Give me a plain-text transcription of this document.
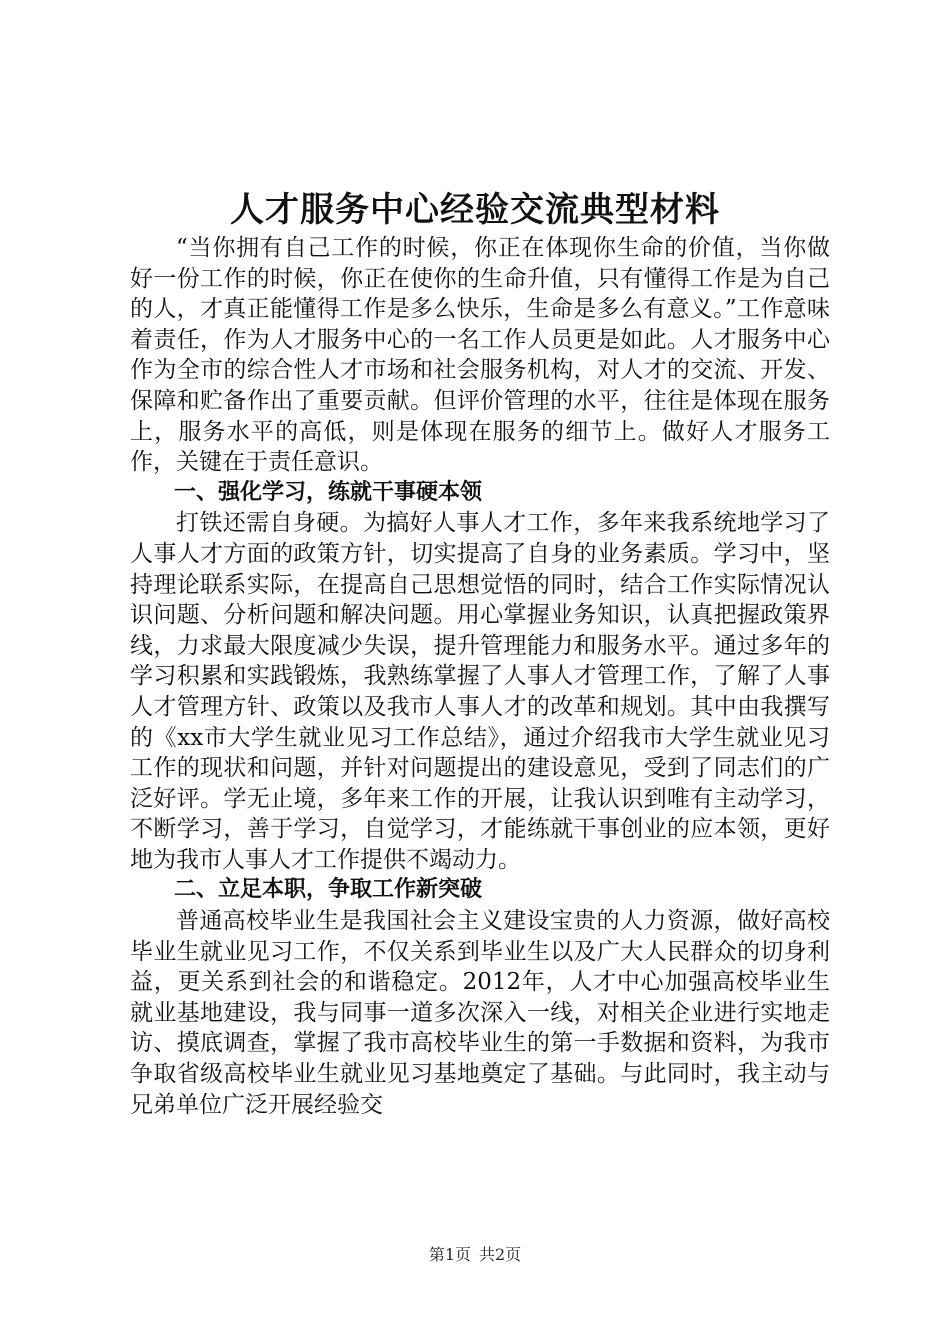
人才服务中心经验交流典型材料

“当你拥有自己工作的时候，你正在体现你生命的价值，当你做好一份工作的时候，你正在使你的生命升值，只有懂得工作是为自己的人，才真正能懂得工作是多么快乐，生命是多么有意义。”工作意味着责任，作为人才服务中心的一名工作人员更是如此。人才服务中心作为全市的综合性人才市场和社会服务机构，对人才的交流、开发、保障和贮备作出了重要贡献。但评价管理的水平，往往是体现在服务上，服务水平的高低，则是体现在服务的细节上。做好人才服务工作，关键在于责任意识。

一、强化学习，练就干事硬本领

打铁还需自身硬。为搞好人事人才工作，多年来我系统地学习了人事人才方面的政策方针，切实提高了自身的业务素质。学习中，坚持理论联系实际，在提高自己思想觉悟的同时，结合工作实际情况认识问题、分析问题和解决问题。用心掌握业务知识，认真把握政策界线，力求最大限度减少失误，提升管理能力和服务水平。通过多年的学习积累和实践锻炼，我熟练掌握了人事人才管理工作，了解了人事人才管理方针、政策以及我市人事人才的改革和规划。其中由我撰写的《xx市大学生就业见习工作总结》，通过介绍我市大学生就业见习工作的现状和问题，并针对问题提出的建设意见，受到了同志们的广泛好评。学无止境，多年来工作的开展，让我认识到唯有主动学习，不断学习，善于学习，自觉学习，才能练就干事创业的应本领，更好地为我市人事人才工作提供不竭动力。

二、立足本职，争取工作新突破

普通高校毕业生是我国社会主义建设宝贵的人力资源，做好高校毕业生就业见习工作，不仅关系到毕业生以及广大人民群众的切身利益，更关系到社会的和谐稳定。2012年，人才中心加强高校毕业生就业基地建设，我与同事一道多次深入一线，对相关企业进行实地走访、摸底调查，掌握了我市高校毕业生的第一手数据和资料，为我市争取省级高校毕业生就业见习基地奠定了基础。与此同时，我主动与兄弟单位广泛开展经验交

第1页 共2页
